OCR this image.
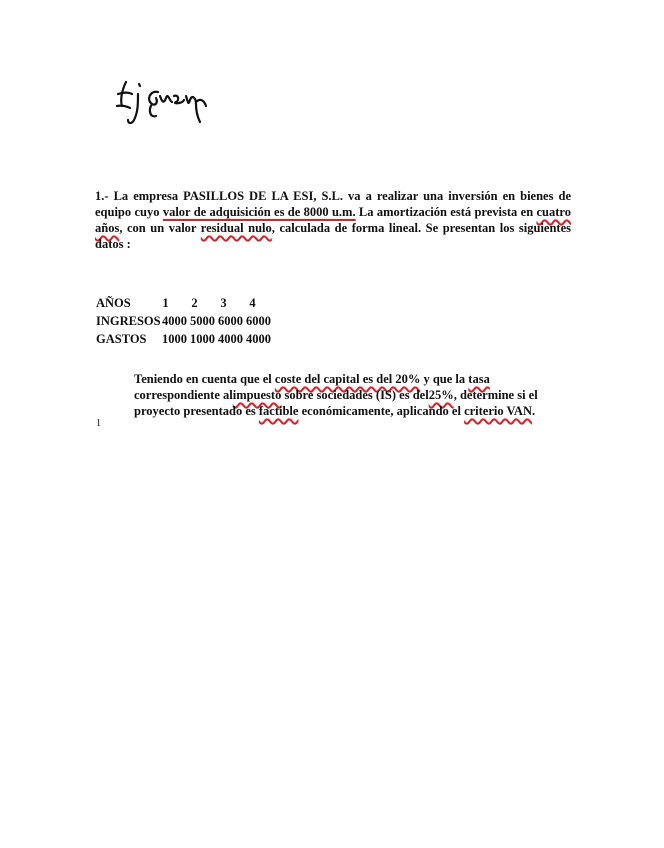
1.- La empresa PASILLOS DE LA ESI, S.L. va a realizar una inversión en bienes de equipo cuyo valor de adquisición es de 8000 u.m. La amortización está prevista en cuatro años, con un valor residual nulo, calculada de forma lineal. Se presentan los siguientes datos :
AÑOS	1	2	3	4
INGRESOS 4000 5000 6000 6000
GASTOS	1000 1000 4000 4000
Teniendo en cuenta que el coste del capital es del 20% y que la tasa correspondiente alimpuesto sobre sociedades (IS) es del25%, determine si el proyecto presentado es factible económicamente, aplicando el criterio VAN.
1
